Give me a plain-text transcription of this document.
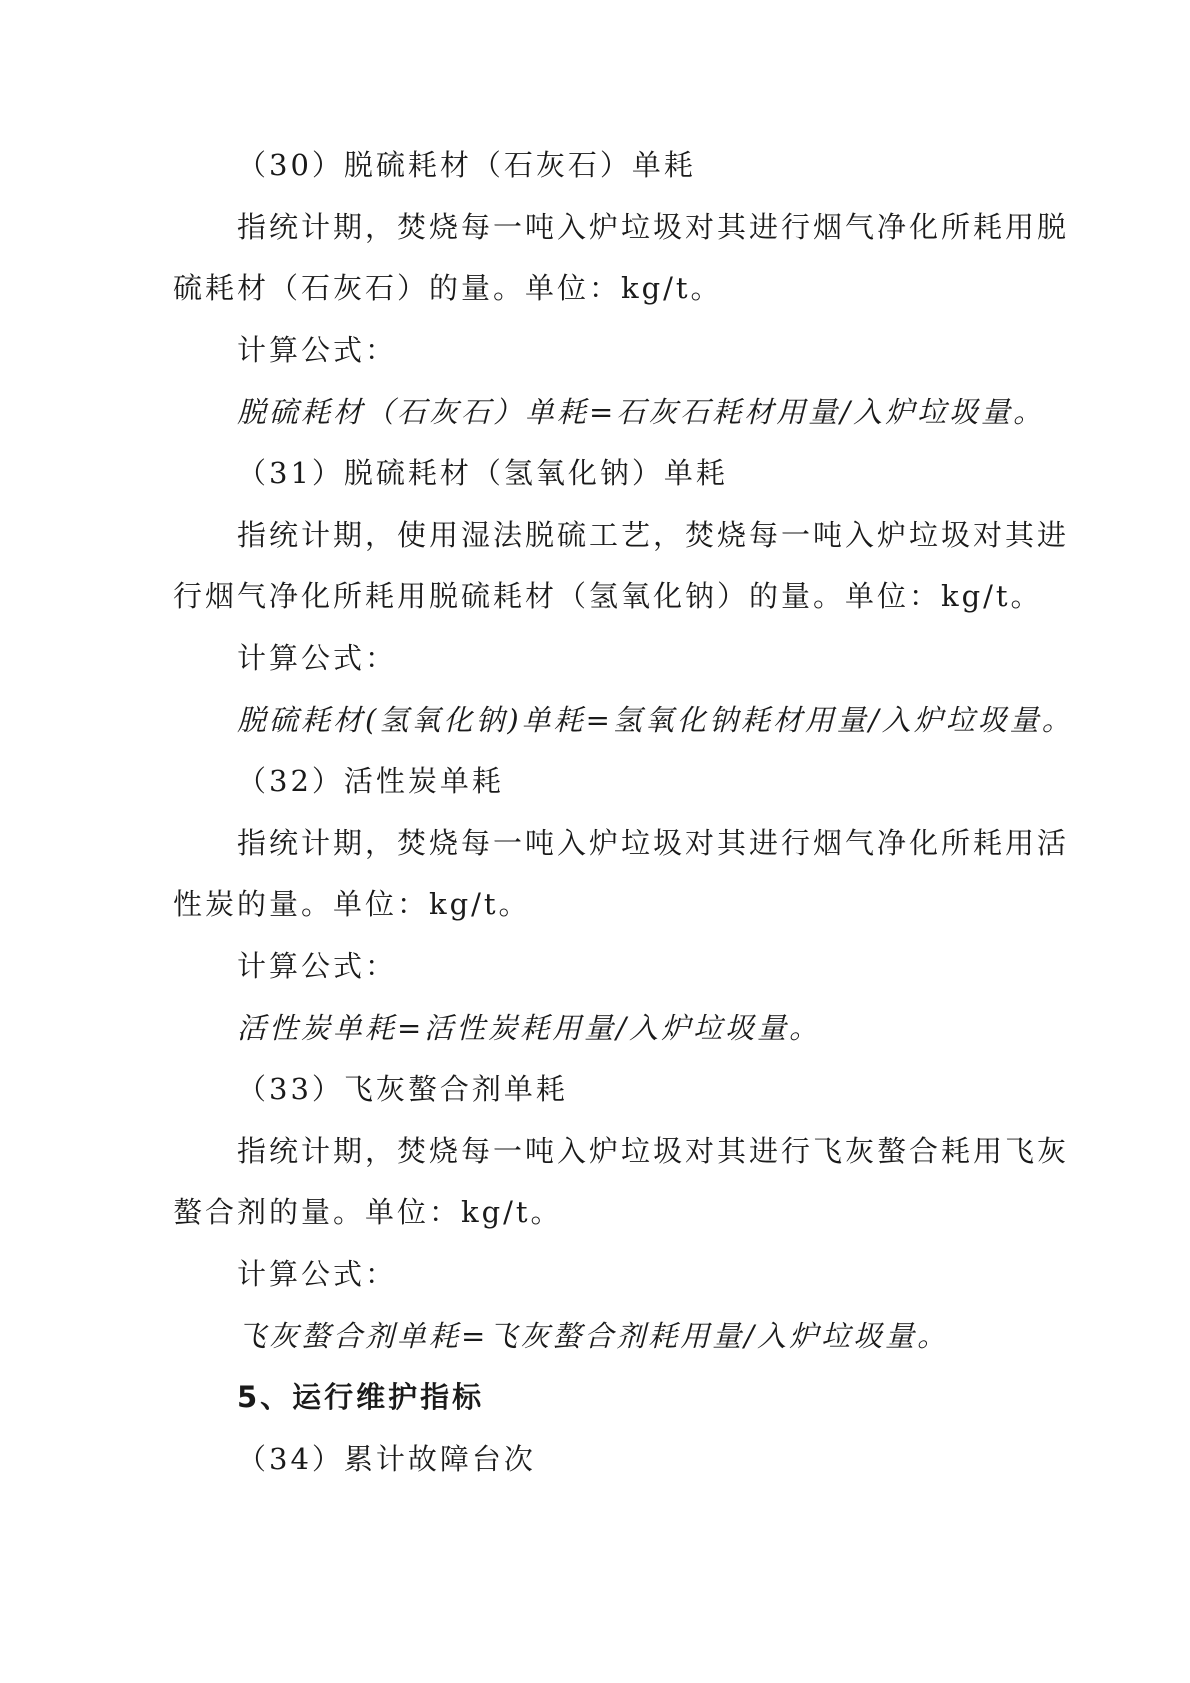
（30）脱硫耗材（石灰石）单耗
指统计期，焚烧每一吨入炉垃圾对其进行烟气净化所耗用脱
硫耗材（石灰石）的量。单位：kg/t。
计算公式：
脱硫耗材（石灰石）单耗=石灰石耗材用量/入炉垃圾量。
（31）脱硫耗材（氢氧化钠）单耗
指统计期，使用湿法脱硫工艺，焚烧每一吨入炉垃圾对其进
行烟气净化所耗用脱硫耗材（氢氧化钠）的量。单位：kg/t。
计算公式：
脱硫耗材(氢氧化钠)单耗=氢氧化钠耗材用量/入炉垃圾量。
（32）活性炭单耗
指统计期，焚烧每一吨入炉垃圾对其进行烟气净化所耗用活
性炭的量。单位：kg/t。
计算公式：
活性炭单耗=活性炭耗用量/入炉垃圾量。
（33）飞灰螯合剂单耗
指统计期，焚烧每一吨入炉垃圾对其进行飞灰螯合耗用飞灰
螯合剂的量。单位：kg/t。
计算公式：
飞灰螯合剂单耗=飞灰螯合剂耗用量/入炉垃圾量。
5、运行维护指标
（34）累计故障台次
